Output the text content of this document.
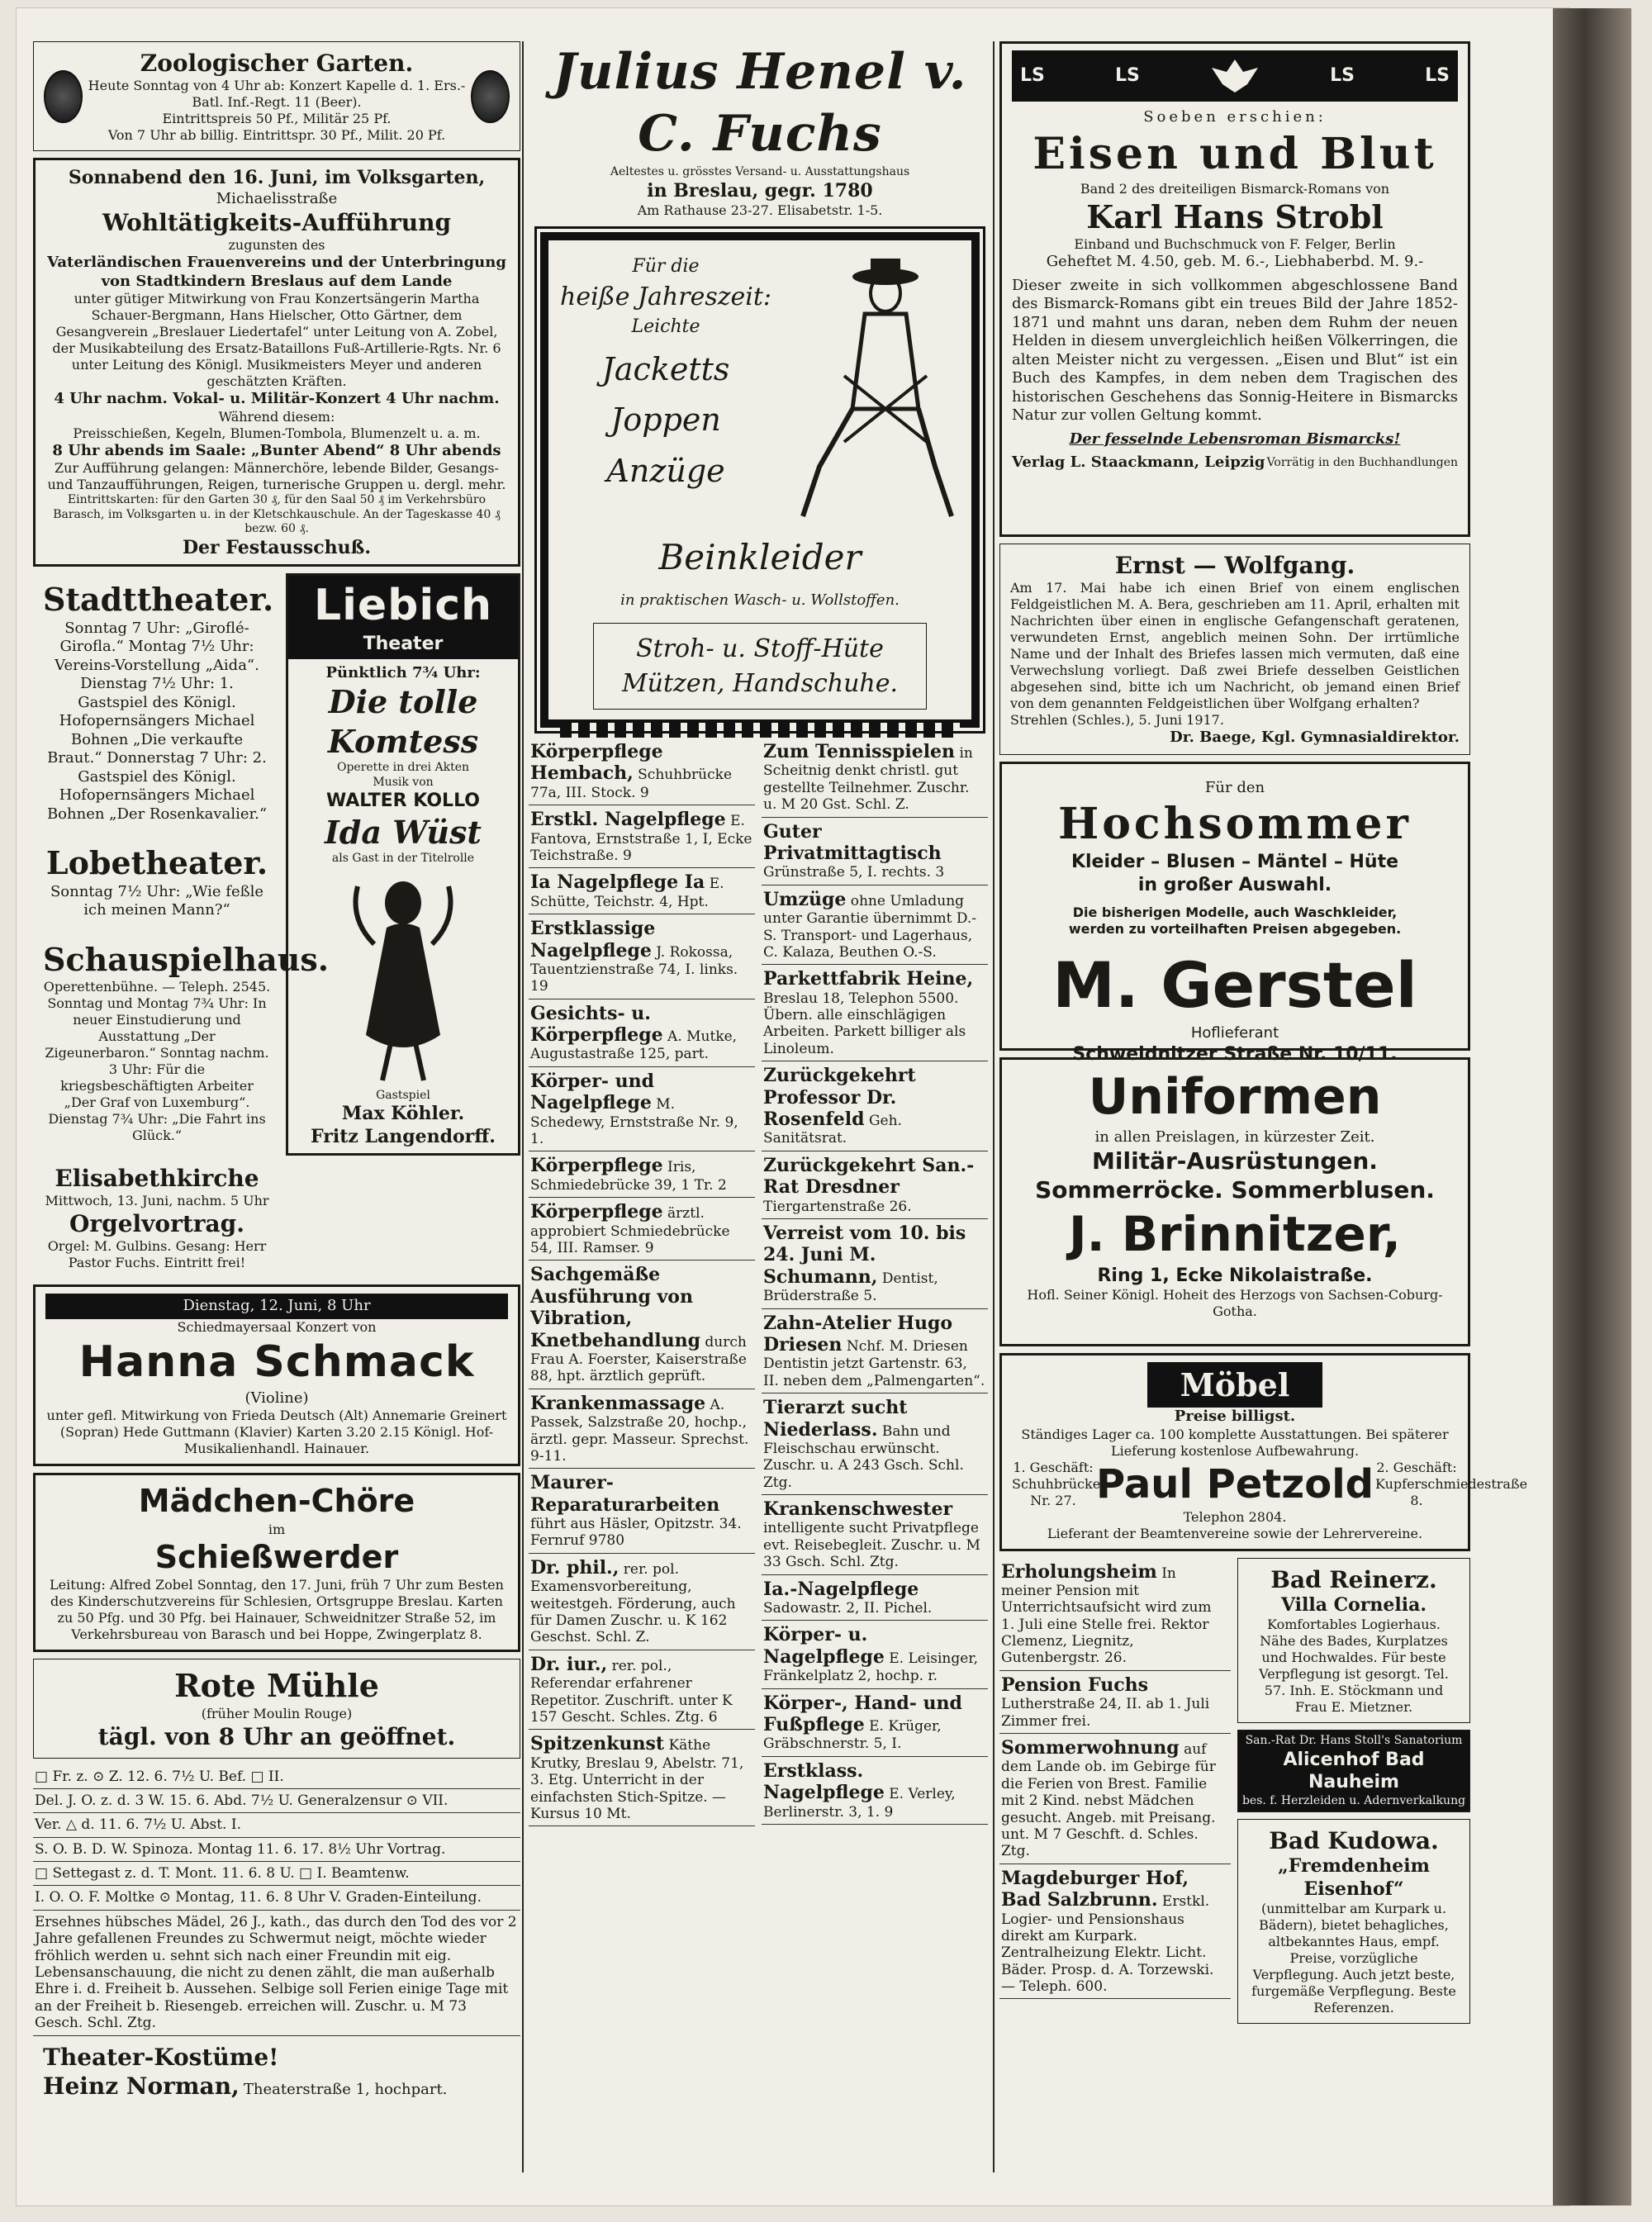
Zoologischer Garten.
Heute Sonntag von 4 Uhr ab: Konzert Kapelle d. 1. Ers.-Batl. Inf.-Regt. 11 (Beer).
Eintrittspreis 50 Pf., Militär 25 Pf.
Von 7 Uhr ab billig. Eintrittspr. 30 Pf., Milit. 20 Pf.
Sonnabend den 16. Juni, im Volksgarten,
Michaelisstraße
Wohltätigkeits-Aufführung
zugunsten des
Vaterländischen Frauenvereins und der Unterbringung von Stadtkindern Breslaus auf dem Lande
unter gütiger Mitwirkung von Frau Konzertsängerin Martha Schauer-Bergmann, Hans Hielscher, Otto Gärtner, dem Gesangverein „Breslauer Liedertafel“ unter Leitung von A. Zobel, der Musikabteilung des Ersatz-Bataillons Fuß-Artillerie-Rgts. Nr. 6 unter Leitung des Königl. Musikmeisters Meyer und anderen geschätzten Kräften.
4 Uhr nachm. Vokal- u. Militär-Konzert 4 Uhr nachm.
Während diesem:
Preisschießen, Kegeln, Blumen-Tombola, Blumenzelt u. a. m.
8 Uhr abends im Saale: „Bunter Abend“ 8 Uhr abends
Zur Aufführung gelangen: Männerchöre, lebende Bilder, Gesangs- und Tanzaufführungen, Reigen, turnerische Gruppen u. dergl. mehr.
Eintrittskarten: für den Garten 30 ₰, für den Saal 50 ₰ im Verkehrsbüro Barasch, im Volksgarten u. in der Kletschkauschule. An der Tageskasse 40 ₰ bezw. 60 ₰.
Der Festausschuß.
Stadttheater.
Sonntag 7 Uhr: „Giroflé-Girofla.“ Montag 7½ Uhr: Vereins-Vorstellung „Aida“. Dienstag 7½ Uhr: 1. Gastspiel des Königl. Hofopernsängers Michael Bohnen „Die verkaufte Braut.“ Donnerstag 7 Uhr: 2. Gastspiel des Königl. Hofopernsängers Michael Bohnen „Der Rosenkavalier.“
Lobetheater.
Sonntag 7½ Uhr: „Wie feßle ich meinen Mann?“
Schauspielhaus.
Operettenbühne. — Teleph. 2545. Sonntag und Montag 7¾ Uhr: In neuer Einstudierung und Ausstattung „Der Zigeunerbaron.“ Sonntag nachm. 3 Uhr: Für die kriegsbeschäftigten Arbeiter „Der Graf von Luxemburg“. Dienstag 7¾ Uhr: „Die Fahrt ins Glück.“
Elisabethkirche
Mittwoch, 13. Juni, nachm. 5 Uhr
Orgelvortrag.
Orgel: M. Gulbins. Gesang: Herr Pastor Fuchs. Eintritt frei!
Liebich
Theater
Pünktlich 7¾ Uhr:
Die tolle Komtess
Operette in drei Akten
Musik von
WALTER KOLLO
Ida Wüst
als Gast in der Titelrolle
Gastspiel
Max Köhler.
Fritz Langendorff.
Dienstag, 12. Juni, 8 Uhr
Schiedmayersaal Konzert von
Hanna Schmack
(Violine)
unter gefl. Mitwirkung von Frieda Deutsch (Alt) Annemarie Greinert (Sopran) Hede Guttmann (Klavier) Karten 3.20 2.15 Königl. Hof-Musikalienhandl. Hainauer.
Mädchen-Chöre
im
Schießwerder
Leitung: Alfred Zobel Sonntag, den 17. Juni, früh 7 Uhr zum Besten des Kinderschutzvereins für Schlesien, Ortsgruppe Breslau. Karten zu 50 Pfg. und 30 Pfg. bei Hainauer, Schweidnitzer Straße 52, im Verkehrsbureau von Barasch und bei Hoppe, Zwingerplatz 8.
Rote Mühle
(früher Moulin Rouge)
tägl. von 8 Uhr an geöffnet.
□ Fr. z. ⊙ Z. 12. 6. 7½ U. Bef. □ II.
Del. J. O. z. d. 3 W. 15. 6. Abd. 7½ U. Generalzensur ⊙ VII.
Ver. △ d. 11. 6. 7½ U. Abst. I.
S. O. B. D. W. Spinoza. Montag 11. 6. 17. 8½ Uhr Vortrag.
□ Settegast z. d. T. Mont. 11. 6. 8 U. □ I. Beamtenw.
I. O. O. F. Moltke ⊙ Montag, 11. 6. 8 Uhr V. Graden-Einteilung.
Ersehnes hübsches Mädel, 26 J., kath., das durch den Tod des vor 2 Jahre gefallenen Freundes zu Schwermut neigt, möchte wieder fröhlich werden u. sehnt sich nach einer Freundin mit eig. Lebensanschauung, die nicht zu denen zählt, die man außerhalb Ehre i. d. Freiheit b. Aussehen. Selbige soll Ferien einige Tage mit an der Freiheit b. Riesengeb. erreichen will. Zuschr. u. M 73 Gesch. Schl. Ztg.
Theater-Kostüme!
Heinz Norman, Theaterstraße 1, hochpart.
Julius Henel v. C. Fuchs
Aeltestes u. grösstes Versand- u. Ausstattungshaus
in Breslau, gegr. 1780
Am Rathause 23-27. Elisabetstr. 1-5.
Für die
heiße Jahreszeit:
Leichte
Jacketts
Joppen
Anzüge
Beinkleider
in praktischen Wasch- u. Wollstoffen.
Stroh- u. Stoff-Hüte
Mützen, Handschuhe.
Körperpflege Hembach, Schuhbrücke 77a, III. Stock. 9
Erstkl. Nagelpflege E. Fantova, Ernststraße 1, I, Ecke Teichstraße. 9
Ia Nagelpflege Ia E. Schütte, Teichstr. 4, Hpt.
Erstklassige Nagelpflege J. Rokossa, Tauentzienstraße 74, I. links. 19
Gesichts- u. Körperpflege A. Mutke, Augustastraße 125, part.
Körper- und Nagelpflege M. Schedewy, Ernststraße Nr. 9, 1.
Körperpflege Iris, Schmiedebrücke 39, 1 Tr. 2
Körperpflege ärztl. approbiert Schmiedebrücke 54, III. Ramser. 9
Sachgemäße Ausführung von Vibration, Knetbehandlung durch Frau A. Foerster, Kaiserstraße 88, hpt. ärztlich geprüft.
Krankenmassage A. Passek, Salzstraße 20, hochp., ärztl. gepr. Masseur. Sprechst. 9-11.
Maurer-Reparaturarbeiten führt aus Häsler, Opitzstr. 34. Fernruf 9780
Dr. phil., rer. pol. Examensvorbereitung, weitestgeh. Förderung, auch für Damen Zuschr. u. K 162 Geschst. Schl. Z.
Dr. iur., rer. pol., Referendar erfahrener Repetitor. Zuschrift. unter K 157 Gescht. Schles. Ztg. 6
Spitzenkunst Käthe Krutky, Breslau 9, Abelstr. 71, 3. Etg. Unterricht in der einfachsten Stich-Spitze. — Kursus 10 Mt.
Zum Tennisspielen in Scheitnig denkt christl. gut gestellte Teilnehmer. Zuschr. u. M 20 Gst. Schl. Z.
Guter Privatmittagtisch Grünstraße 5, I. rechts. 3
Umzüge ohne Umladung unter Garantie übernimmt D.-S. Transport- und Lagerhaus, C. Kalaza, Beuthen O.-S.
Parkettfabrik Heine, Breslau 18, Telephon 5500. Übern. alle einschlägigen Arbeiten. Parkett billiger als Linoleum.
Zurückgekehrt Professor Dr. Rosenfeld Geh. Sanitätsrat.
Zurückgekehrt San.-Rat Dresdner Tiergartenstraße 26.
Verreist vom 10. bis 24. Juni M. Schumann, Dentist, Brüderstraße 5.
Zahn-Atelier Hugo Driesen Nchf. M. Driesen Dentistin jetzt Gartenstr. 63, II. neben dem „Palmengarten“.
Tierarzt sucht Niederlass. Bahn und Fleischschau erwünscht. Zuschr. u. A 243 Gsch. Schl. Ztg.
Krankenschwester intelligente sucht Privatpflege evt. Reisebegleit. Zuschr. u. M 33 Gsch. Schl. Ztg.
Ia.-Nagelpflege Sadowastr. 2, II. Pichel.
Körper- u. Nagelpflege E. Leisinger, Fränkelplatz 2, hochp. r.
Körper-, Hand- und Fußpflege E. Krüger, Gräbschnerstr. 5, I.
Erstklass. Nagelpflege E. Verley, Berlinerstr. 3, 1. 9
LS	LS	LS	LS
Soeben erschien:
Eisen und Blut
Band 2 des dreiteiligen Bismarck-Romans von
Karl Hans Strobl
Einband und Buchschmuck von F. Felger, Berlin
Geheftet M. 4.50, geb. M. 6.-, Liebhaberbd. M. 9.-
Dieser zweite in sich vollkommen abgeschlossene Band des Bismarck-Romans gibt ein treues Bild der Jahre 1852-1871 und mahnt uns daran, neben dem Ruhm der neuen Helden in diesem unvergleichlich heißen Völkerringen, die alten Meister nicht zu vergessen. „Eisen und Blut“ ist ein Buch des Kampfes, in dem neben dem Tragischen des historischen Geschehens das Sonnig-Heitere in Bismarcks Natur zur vollen Geltung kommt.
Der fesselnde Lebensroman Bismarcks!
Verlag L. Staackmann, Leipzig Vorrätig in den Buchhandlungen
Ernst — Wolfgang.
Am 17. Mai habe ich einen Brief von einem englischen Feldgeistlichen M. A. Bera, geschrieben am 11. April, erhalten mit Nachrichten über einen in englische Gefangenschaft geratenen, verwundeten Ernst, angeblich meinen Sohn. Der irrtümliche Name und der Inhalt des Briefes lassen mich vermuten, daß eine Verwechslung vorliegt. Daß zwei Briefe desselben Geistlichen abgesehen sind, bitte ich um Nachricht, ob jemand einen Brief von dem genannten Feldgeistlichen über Wolfgang erhalten?
Strehlen (Schles.), 5. Juni 1917.
Dr. Baege, Kgl. Gymnasialdirektor.
Für den
Hochsommer
Kleider – Blusen – Mäntel – Hüte
in großer Auswahl.
Die bisherigen Modelle, auch Waschkleider, werden zu vorteilhaften Preisen abgegeben.
M. Gerstel
Hoflieferant
Schweidnitzer Straße Nr. 10/11.
Uniformen
in allen Preislagen, in kürzester Zeit.
Militär-Ausrüstungen.
Sommerröcke. Sommerblusen.
J. Brinnitzer,
Ring 1, Ecke Nikolaistraße.
Hofl. Seiner Königl. Hoheit des Herzogs von Sachsen-Coburg-Gotha.
Möbel
Preise billigst.
Ständiges Lager ca. 100 komplette Ausstattungen. Bei späterer Lieferung kostenlose Aufbewahrung.
1. Geschäft: Schuhbrücke Nr. 27. Paul Petzold 2. Geschäft: Kupferschmiedestraße 8.
Telephon 2804.
Lieferant der Beamtenvereine sowie der Lehrervereine.
Erholungsheim In meiner Pension mit Unterrichtsaufsicht wird zum 1. Juli eine Stelle frei. Rektor Clemenz, Liegnitz, Gutenbergstr. 26.
Pension Fuchs Lutherstraße 24, II. ab 1. Juli Zimmer frei.
Sommerwohnung auf dem Lande ob. im Gebirge für die Ferien von Brest. Familie mit 2 Kind. nebst Mädchen gesucht. Angeb. mit Preisang. unt. M 7 Geschft. d. Schles. Ztg.
Magdeburger Hof, Bad Salzbrunn. Erstkl. Logier- und Pensionshaus direkt am Kurpark. Zentralheizung Elektr. Licht. Bäder. Prosp. d. A. Torzewski. — Teleph. 600.
Bad Reinerz.
Villa Cornelia.
Komfortables Logierhaus. Nähe des Bades, Kurplatzes und Hochwaldes. Für beste Verpflegung ist gesorgt. Tel. 57. Inh. E. Stöckmann und Frau E. Mietzner.
San.-Rat Dr. Hans Stoll's Sanatorium
Alicenhof Bad Nauheim
bes. f. Herzleiden u. Adernverkalkung
Bad Kudowa.
„Fremdenheim Eisenhof“
(unmittelbar am Kurpark u. Bädern), bietet behagliches, altbekanntes Haus, empf. Preise, vorzügliche Verpflegung. Auch jetzt beste, furgemäße Verpflegung. Beste Referenzen.
